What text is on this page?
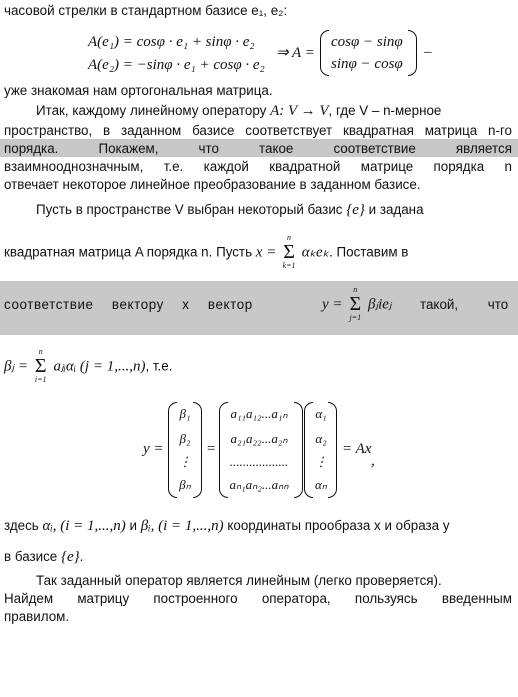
часовой стрелки в стандартном базисе e₁, e₂:
A(e₁) = cosφ · e₁ + sinφ · e₂
A(e₂) = −sinφ · e₁ + cosφ · e₂
⇒ A =
cosφ − sinφ
sinφ − cosφ
–
уже знакомая нам ортогональная матрица.
Итак, каждому линейному оператору A: V → V, где V – n-мерное
пространство, в заданном базисе соответствует квадратная матрица n-го
порядка. Покажем, что такое соответствие является
взаимнооднозначным, т.е. каждой квадратной матрице порядка n
отвечает некоторое линейное преобразование в заданном базисе.
Пусть в пространстве V выбран некоторый базис {e} и задана
квадратная матрица A порядка n. Пусть x =
n
Σ
k=1
αₖeₖ. Поставим в
соответствие вектору x вектор	y =
n
Σ
j=1
βⱼieⱼ такой, что
βⱼ =
n
Σ
i=1
aⱼᵢαᵢ (j = 1,...,n), т.е.
y =
β₁
β₂
⋮
βₙ
=
a₁₁a₁₂...a₁ₙ
a₂₁a₂₂...a₂ₙ
..................
aₙ₁aₙ₂...aₙₙ
α₁
α₂
⋮
αₙ
= Ax
,
здесь αᵢ, (i = 1,...,n) и βᵢ, (i = 1,...,n) координаты прообраза x и образа y
в базисе {e}.
Так заданный оператор является линейным (легко проверяется).
Найдем матрицу построенного оператора, пользуясь введенным
правилом.
